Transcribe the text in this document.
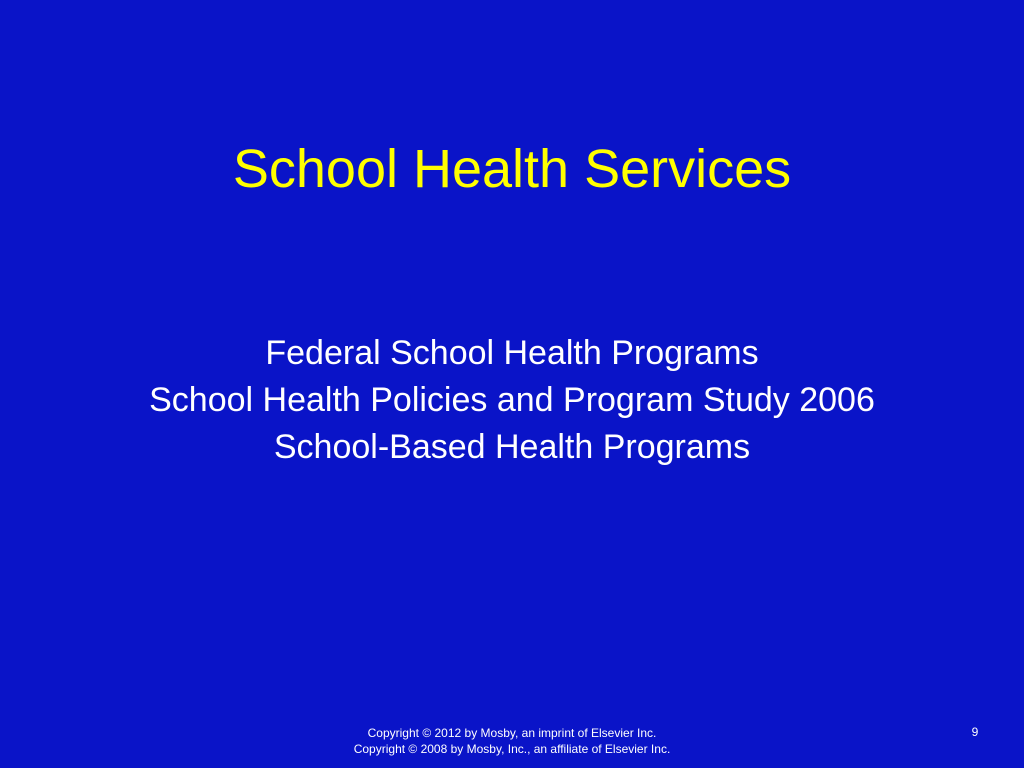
School Health Services
Federal School Health Programs
School Health Policies and Program Study 2006
School-Based Health Programs
Copyright © 2012 by Mosby, an imprint of Elsevier Inc.
Copyright © 2008 by Mosby, Inc., an affiliate of Elsevier Inc.
9
